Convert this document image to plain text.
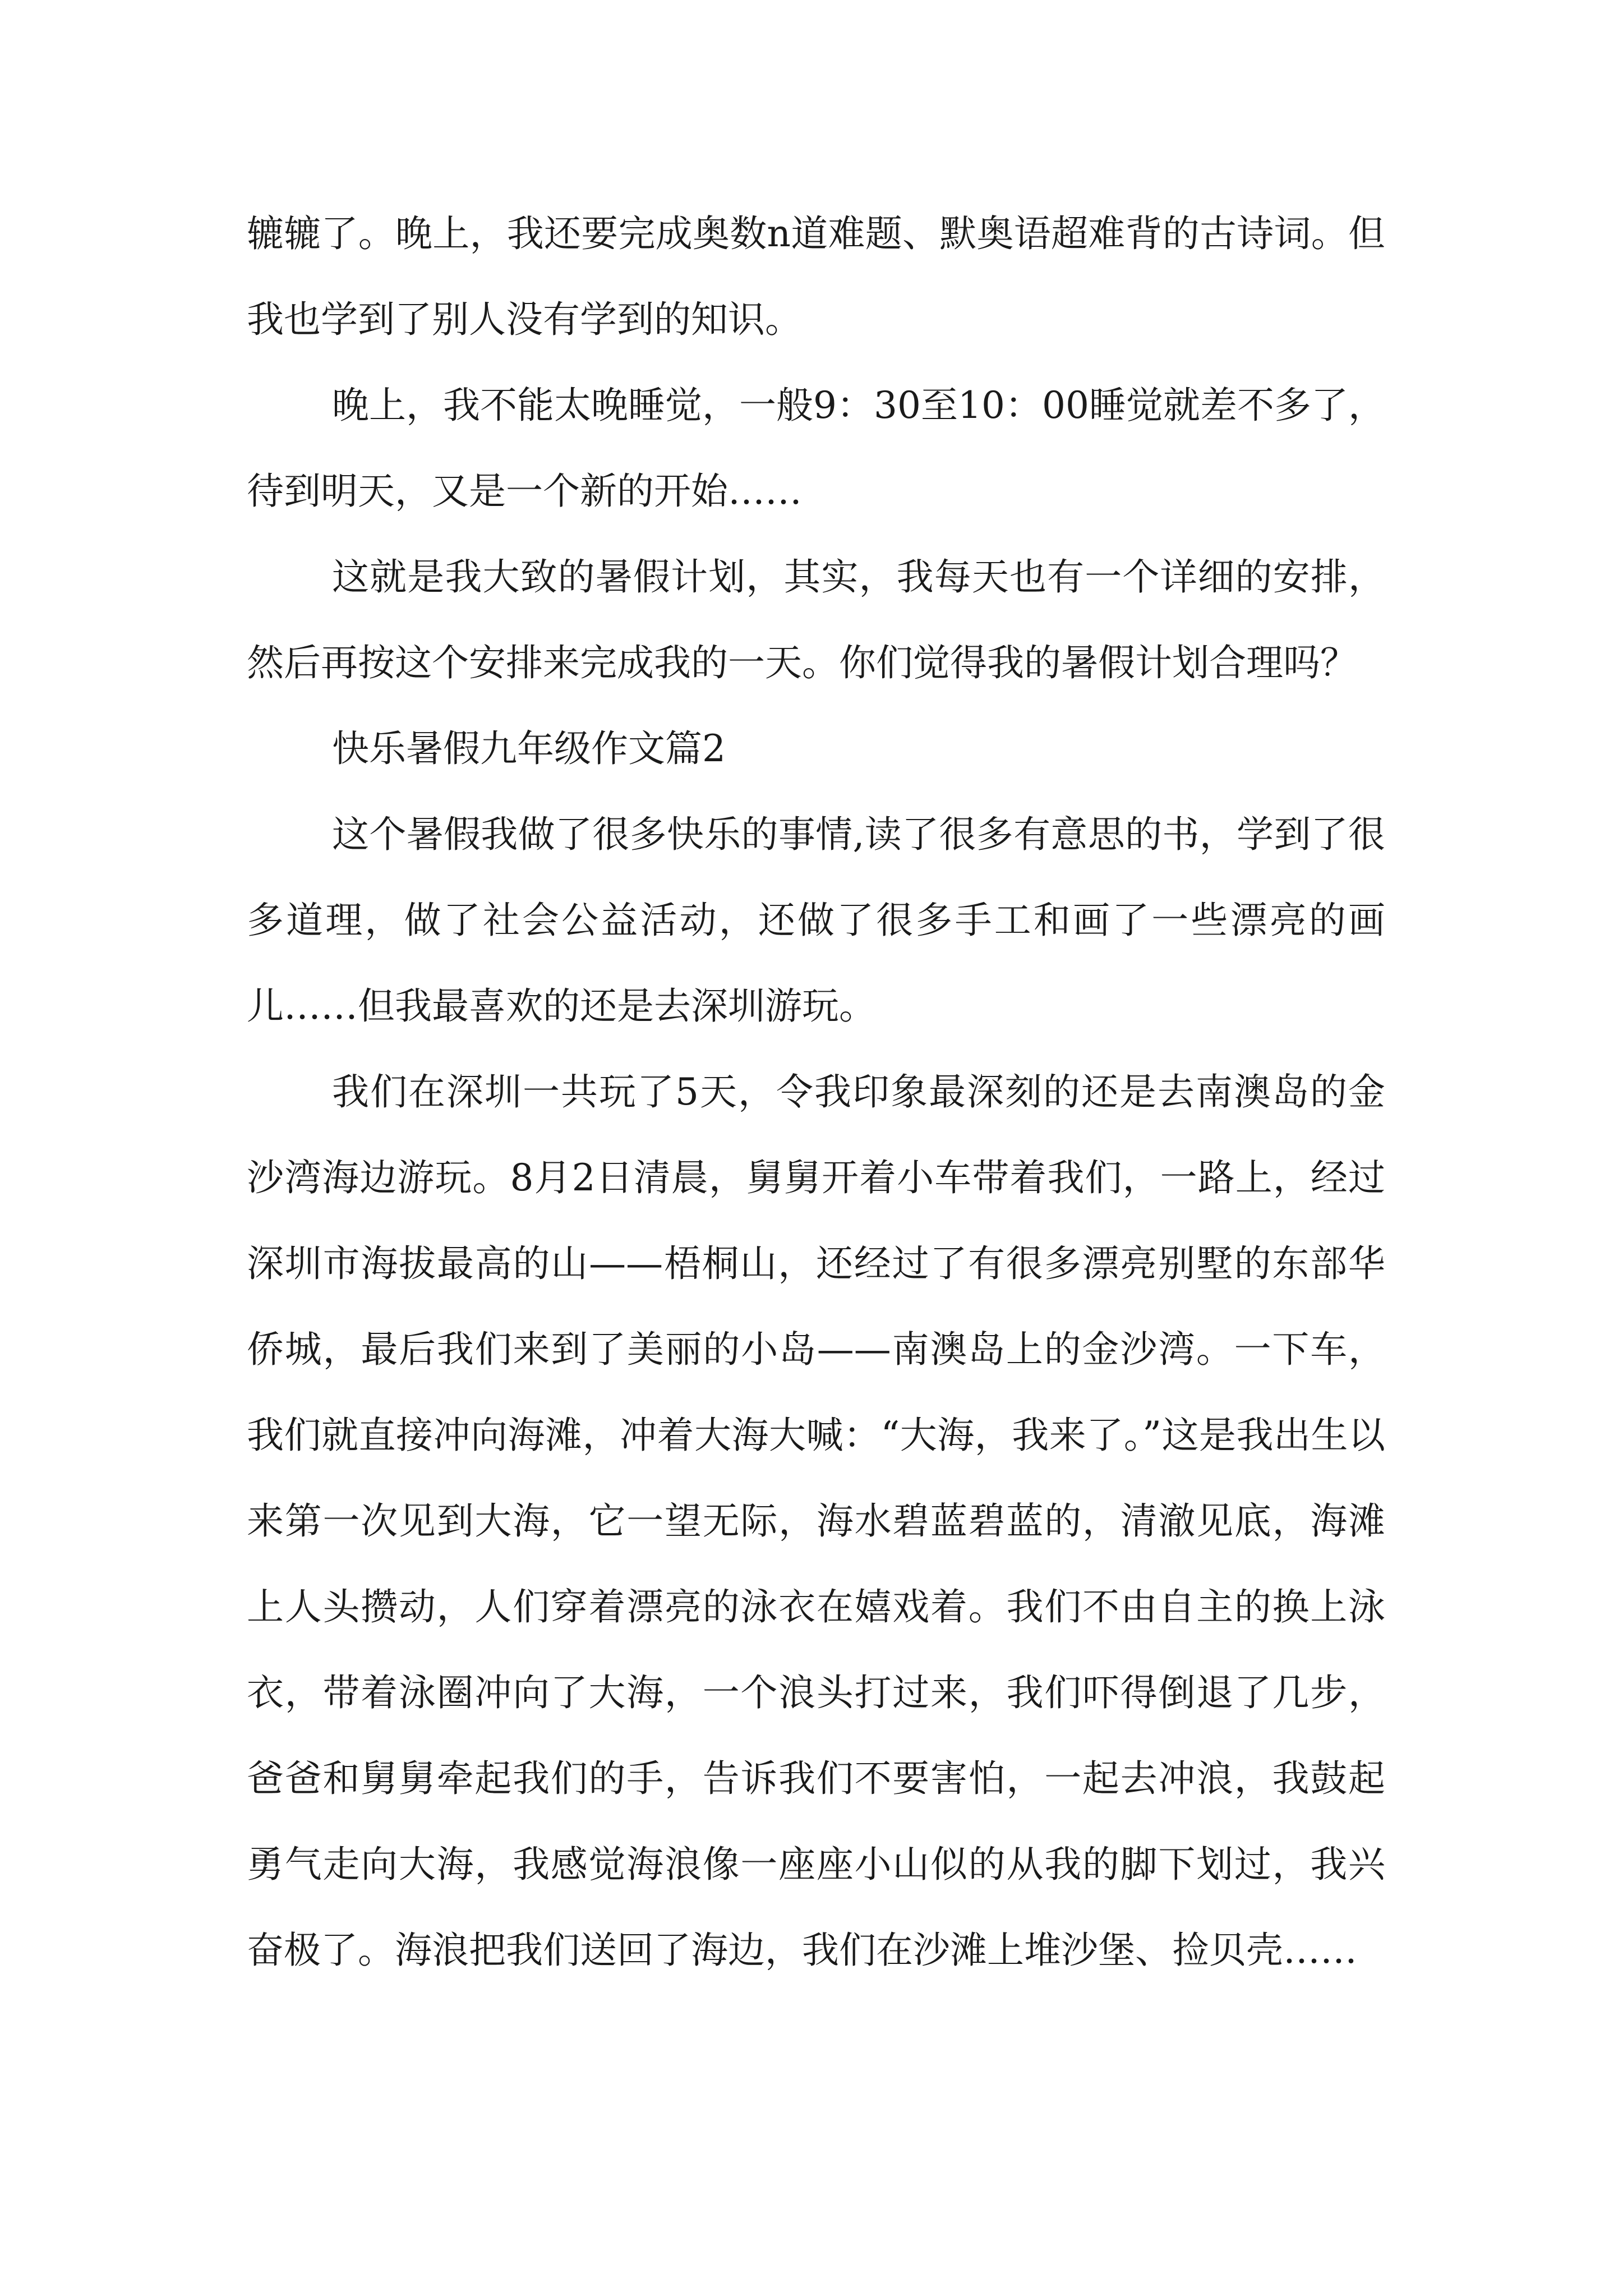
辘辘了。晚上，我还要完成奥数n道难题、默奥语超难背的古诗词。但我也学到了别人没有学到的知识。

晚上，我不能太晚睡觉，一般9：30至10：00睡觉就差不多了，待到明天，又是一个新的开始……

这就是我大致的暑假计划，其实，我每天也有一个详细的安排，然后再按这个安排来完成我的一天。你们觉得我的暑假计划合理吗？

快乐暑假九年级作文篇2

这个暑假我做了很多快乐的事情,读了很多有意思的书，学到了很多道理，做了社会公益活动，还做了很多手工和画了一些漂亮的画儿……但我最喜欢的还是去深圳游玩。

我们在深圳一共玩了5天，令我印象最深刻的还是去南澳岛的金沙湾海边游玩。8月2日清晨，舅舅开着小车带着我们，一路上，经过深圳市海拔最高的山——梧桐山，还经过了有很多漂亮别墅的东部华侨城，最后我们来到了美丽的小岛——南澳岛上的金沙湾。一下车，我们就直接冲向海滩，冲着大海大喊：“大海，我来了。”这是我出生以来第一次见到大海，它一望无际，海水碧蓝碧蓝的，清澈见底，海滩上人头攒动，人们穿着漂亮的泳衣在嬉戏着。我们不由自主的换上泳衣，带着泳圈冲向了大海，一个浪头打过来，我们吓得倒退了几步，爸爸和舅舅牵起我们的手，告诉我们不要害怕，一起去冲浪，我鼓起勇气走向大海，我感觉海浪像一座座小山似的从我的脚下划过，我兴奋极了。海浪把我们送回了海边，我们在沙滩上堆沙堡、捡贝壳……
